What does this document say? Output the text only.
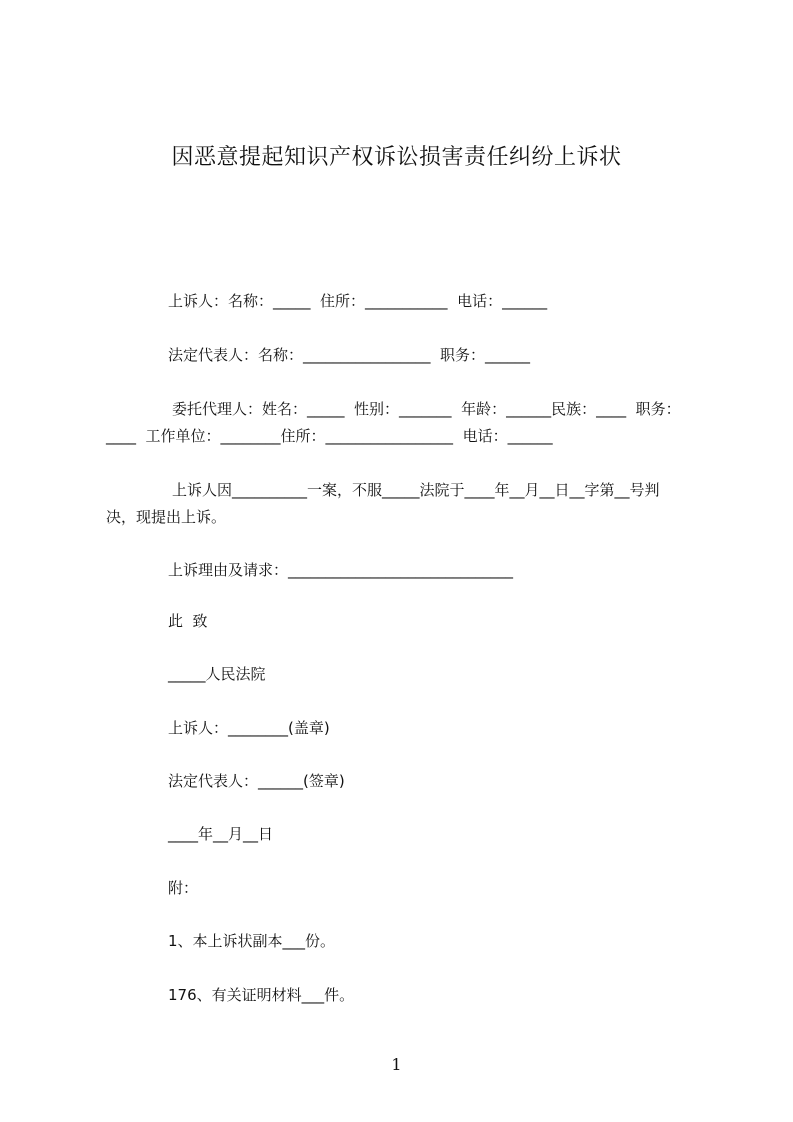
因恶意提起知识产权诉讼损害责任纠纷上诉状

上诉人：名称：_____  住所：___________  电话：______

法定代表人：名称：_________________  职务：______

委托代理人：姓名：_____  性别：_______  年龄：______民族：____  职务：

____  工作单位：________住所：_________________  电话：______

上诉人因__________一案，不服_____法院于____年__月__日__字第__号判

决，现提出上诉。

上诉理由及请求：______________________________

此  致

_____人民法院

上诉人：________(盖章)

法定代表人：______(签章)

____年__月__日

附：

1、本上诉状副本___份。

176、有关证明材料___件。

1
